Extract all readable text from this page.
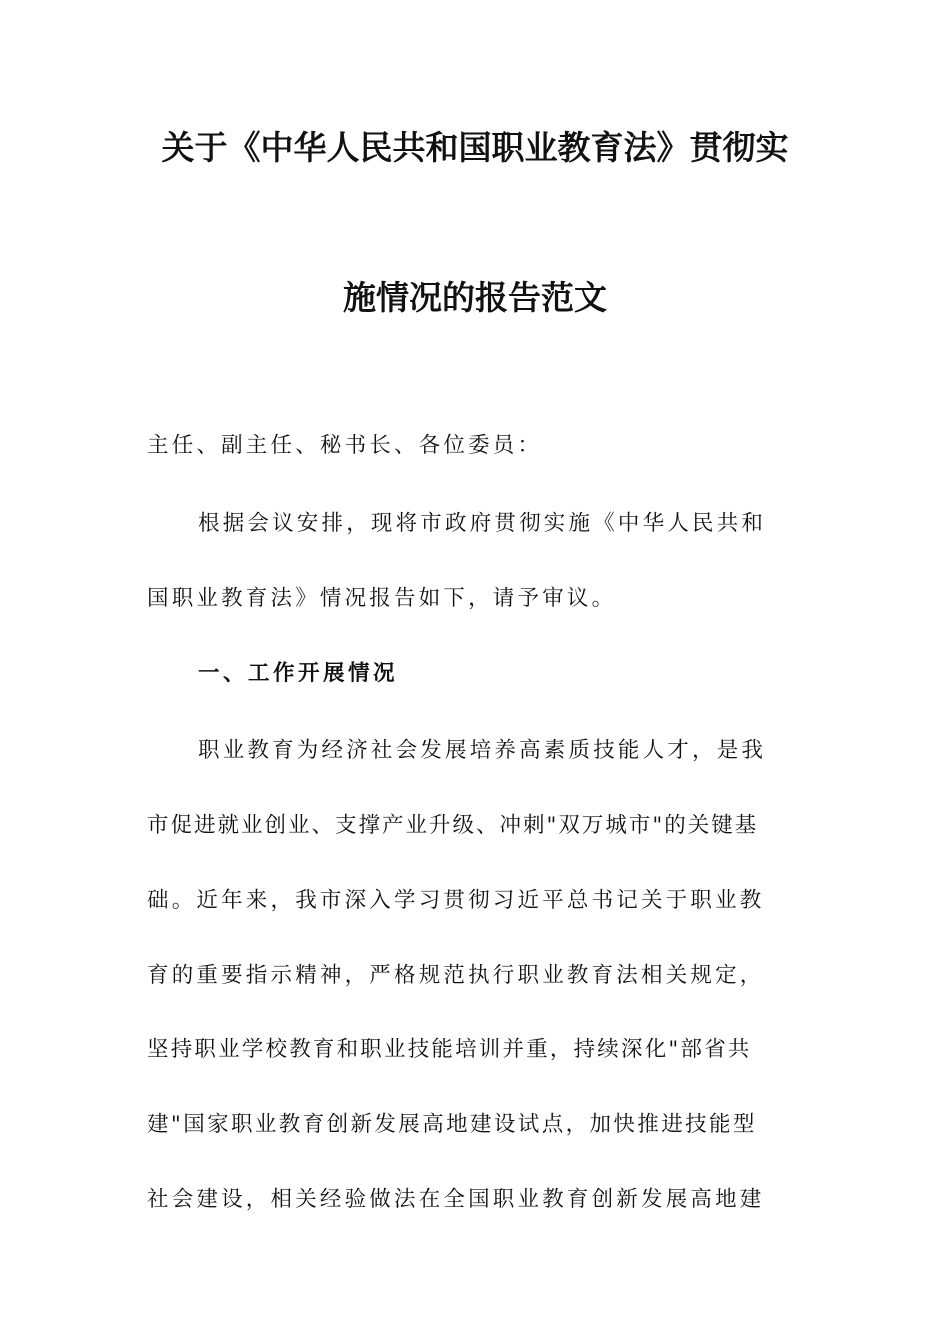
关于《中华人民共和国职业教育法》贯彻实
施情况的报告范文
主任、副主任、秘书长、各位委员：
根据会议安排，现将市政府贯彻实施《中华人民共和
国职业教育法》情况报告如下，请予审议。
一、工作开展情况
职业教育为经济社会发展培养高素质技能人才，是我
市促进就业创业、支撑产业升级、冲刺"双万城市"的关键基
础。近年来，我市深入学习贯彻习近平总书记关于职业教
育的重要指示精神，严格规范执行职业教育法相关规定，
坚持职业学校教育和职业技能培训并重，持续深化"部省共
建"国家职业教育创新发展高地建设试点，加快推进技能型
社会建设，相关经验做法在全国职业教育创新发展高地建
